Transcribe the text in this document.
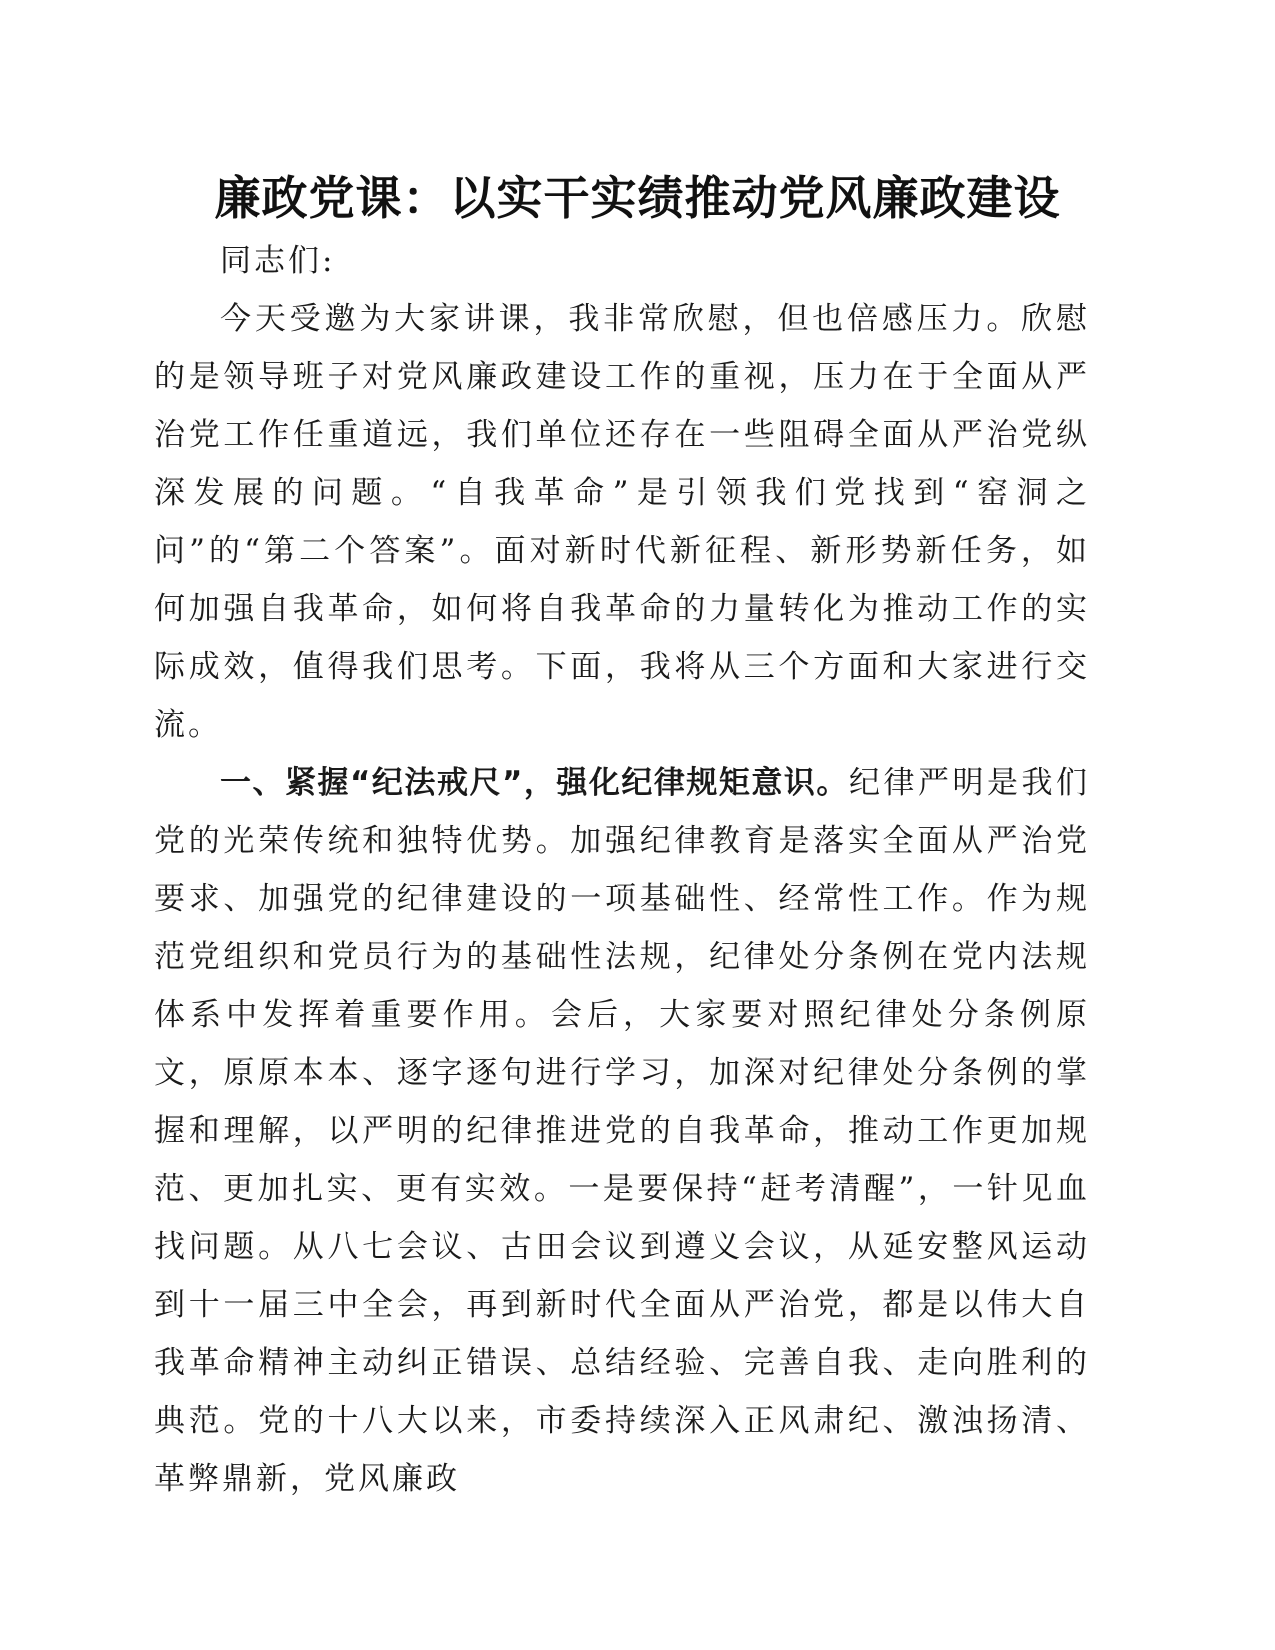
廉政党课：以实干实绩推动党风廉政建设

同志们:

今天受邀为大家讲课，我非常欣慰，但也倍感压力。欣慰的是领导班子对党风廉政建设工作的重视，压力在于全面从严治党工作任重道远，我们单位还存在一些阻碍全面从严治党纵深发展的问题。“自我革命”是引领我们党找到“窑洞之问”的“第二个答案”。面对新时代新征程、新形势新任务，如何加强自我革命，如何将自我革命的力量转化为推动工作的实际成效，值得我们思考。下面，我将从三个方面和大家进行交流。

一、紧握“纪法戒尺”，强化纪律规矩意识。纪律严明是我们党的光荣传统和独特优势。加强纪律教育是落实全面从严治党要求、加强党的纪律建设的一项基础性、经常性工作。作为规范党组织和党员行为的基础性法规，纪律处分条例在党内法规体系中发挥着重要作用。会后，大家要对照纪律处分条例原文，原原本本、逐字逐句进行学习，加深对纪律处分条例的掌握和理解，以严明的纪律推进党的自我革命，推动工作更加规范、更加扎实、更有实效。一是要保持“赶考清醒”，一针见血找问题。从八七会议、古田会议到遵义会议，从延安整风运动到十一届三中全会，再到新时代全面从严治党，都是以伟大自我革命精神主动纠正错误、总结经验、完善自我、走向胜利的典范。党的十八大以来，市委持续深入正风肃纪、激浊扬清、革弊鼎新，党风廉政
